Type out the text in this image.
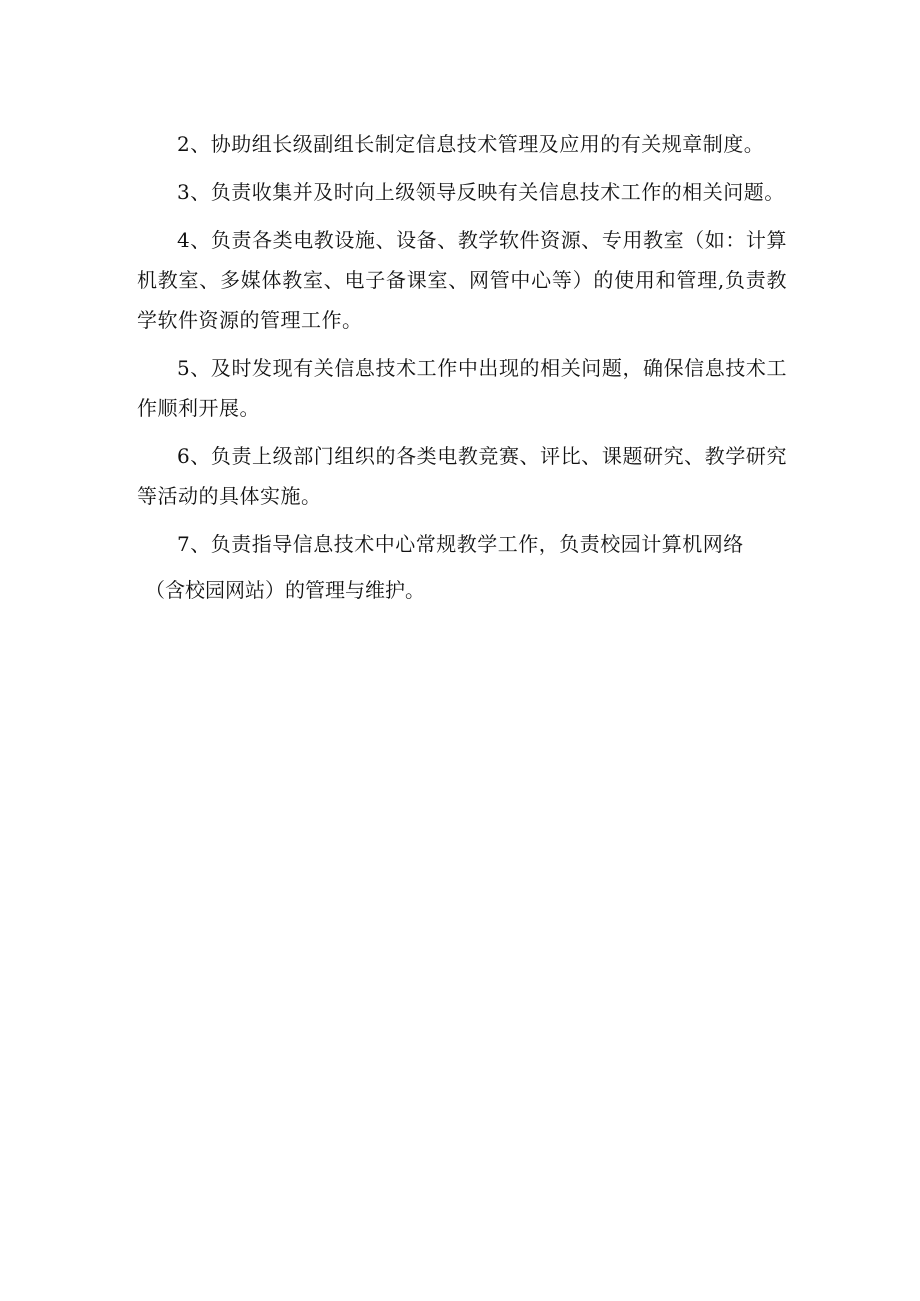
2、协助组长级副组长制定信息技术管理及应用的有关规章制度。

3、负责收集并及时向上级领导反映有关信息技术工作的相关问题。

4、负责各类电教设施、设备、教学软件资源、专用教室（如：计算机教室、多媒体教室、电子备课室、网管中心等）的使用和管理,负责教学软件资源的管理工作。

5、及时发现有关信息技术工作中出现的相关问题，确保信息技术工作顺利开展。

6、负责上级部门组织的各类电教竞赛、评比、课题研究、教学研究等活动的具体实施。

7、负责指导信息技术中心常规教学工作，负责校园计算机网络

（含校园网站）的管理与维护。
